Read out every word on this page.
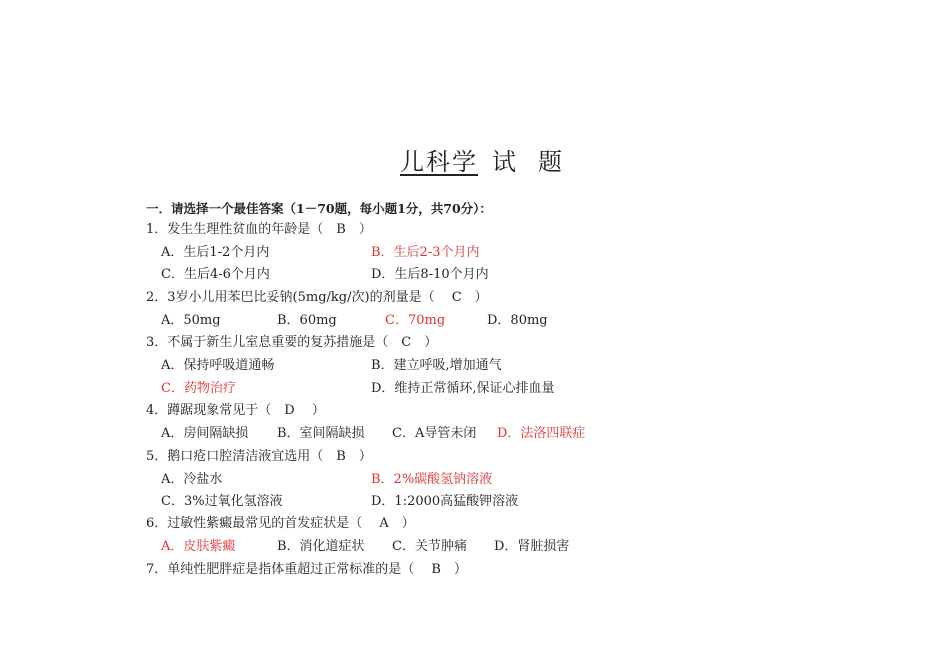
儿科学 试 题
一．请选择一个最佳答案（1－70题，每小题1分，共70分）：
1．发生生理性贫血的年龄是（　B　）
A．生后1-2个月内	B．生后2-3个月内
C．生后4-6个月内	D．生后8-10个月内
2．3岁小儿用苯巴比妥钠(5mg/kg/次)的剂量是（　 C　）
A．50mg	B．60mg	C．70mg	D．80mg
3．不属于新生儿室息重要的复苏措施是（　C　）
A．保持呼吸道通畅	B．建立呼吸,增加通气
C．药物治疗	D．维持正常循环,保证心排血量
4．蹲踞现象常见于（　D　 ）
A．房间隔缺损 B．室间隔缺损 C．A导管未闭 D．法洛四联症
5．鹅口疮口腔清洁液宜选用（　B　）
A．冷盐水	B．2%碳酸氢钠溶液
C．3%过氧化氢溶液	D．1:2000高猛酸钾溶液
6．过敏性紫癜最常见的首发症状是（　 A　）
A．皮肤紫癜	B．消化道症状 C．关节肿痛 D．肾脏损害
7．单纯性肥胖症是指体重超过正常标准的是（　 B　）
